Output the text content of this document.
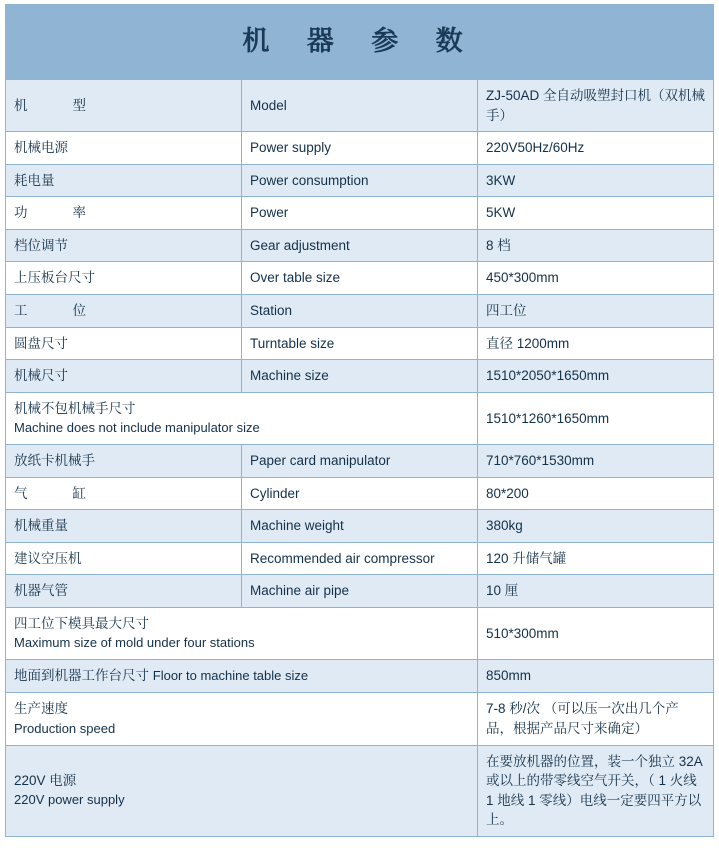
机 器 参 数		
机　　型	Model	ZJ-50AD 全自动吸塑封口机（双机械手）
机械电源	Power supply	220V50Hz/60Hz
耗电量	Power consumption	3KW
功　　率	Power	5KW
档位调节	Gear adjustment	8 档
上压板台尺寸	Over table size	450*300mm
工　　位	Station	四工位
圆盘尺寸	Turntable size	直径 1200mm
机械尺寸	Machine size	1510*2050*1650mm
机械不包机械手尺寸
Machine does not include manipulator size		1510*1260*1650mm
放纸卡机械手	Paper card manipulator	710*760*1530mm
气　　缸	Cylinder	80*200
机械重量	Machine weight	380kg
建议空压机	Recommended air compressor	120 升储气罐
机器气管	Machine air pipe	10 厘
四工位下模具最大尺寸
Maximum size of mold under four stations		510*300mm
地面到机器工作台尺寸 Floor to machine table size		850mm
生产速度
Production speed		7-8 秒/次 （可以压一次出几个产品，根据产品尺寸来确定）
220V 电源
220V power supply		在要放机器的位置，装一个独立 32A 或以上的带零线空气开关，（ 1 火线 1 地线 1 零线）电线一定要四平方以上。
